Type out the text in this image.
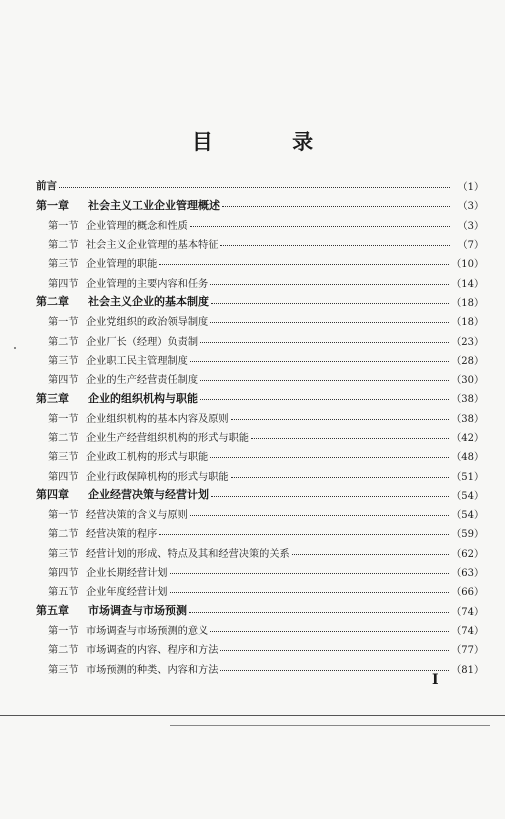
目 录
前言	（1）
第一章	社会主义工业企业管理概述	（3）
第一节 企业管理的概念和性质	（3）
第二节 社会主义企业管理的基本特征	（7）
第三节 企业管理的职能	（10）
第四节 企业管理的主要内容和任务	（14）
第二章	社会主义企业的基本制度	（18）
第一节 企业党组织的政治领导制度	（18）
第二节 企业厂长（经理）负责制	（23）
第三节 企业职工民主管理制度	（28）
第四节 企业的生产经营责任制度	（30）
第三章	企业的组织机构与职能	（38）
第一节 企业组织机构的基本内容及原则	（38）
第二节 企业生产经营组织机构的形式与职能	（42）
第三节 企业政工机构的形式与职能	（48）
第四节 企业行政保障机构的形式与职能	（51）
第四章	企业经营决策与经营计划	（54）
第一节 经营决策的含义与原则	（54）
第二节 经营决策的程序	（59）
第三节 经营计划的形成、特点及其和经营决策的关系	（62）
第四节 企业长期经营计划	（63）
第五节 企业年度经营计划	（66）
第五章	市场调查与市场预测	（74）
第一节 市场调查与市场预测的意义	（74）
第二节 市场调查的内容、程序和方法	（77）
第三节 市场预测的种类、内容和方法	（81）
I
